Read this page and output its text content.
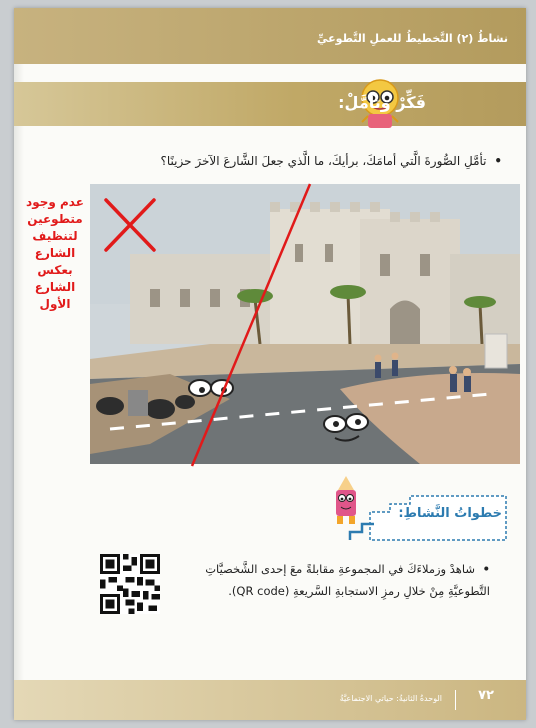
نشاطُ (٢) التَّخطيطُ للعملِ التَّطوعيِّ
فَكِّرْ وتأمَّلْ:
• تأمَّلِ الصُّورةَ الَّتي أمامَكَ، برأيكَ، ما الَّذي جعلَ الشَّارعَ الآخرَ حزينًا؟
عدم وجود
متطوعين
لتنظيف
الشارع
بعكس
الشارع
الأول
خطواتُ النَّشاطِ:
• شاهدْ وزملاءَكَ في المجموعةِ مقابلةً معَ إحدى الشَّخصيَّاتِ التَّطوعيَّةِ مِنْ خلالِ رمزِ الاستجابةِ السَّريعةِ (QR code).
الوحدةُ الثانيةُ: حياتي الاجتماعيَّةُ	٧٢
